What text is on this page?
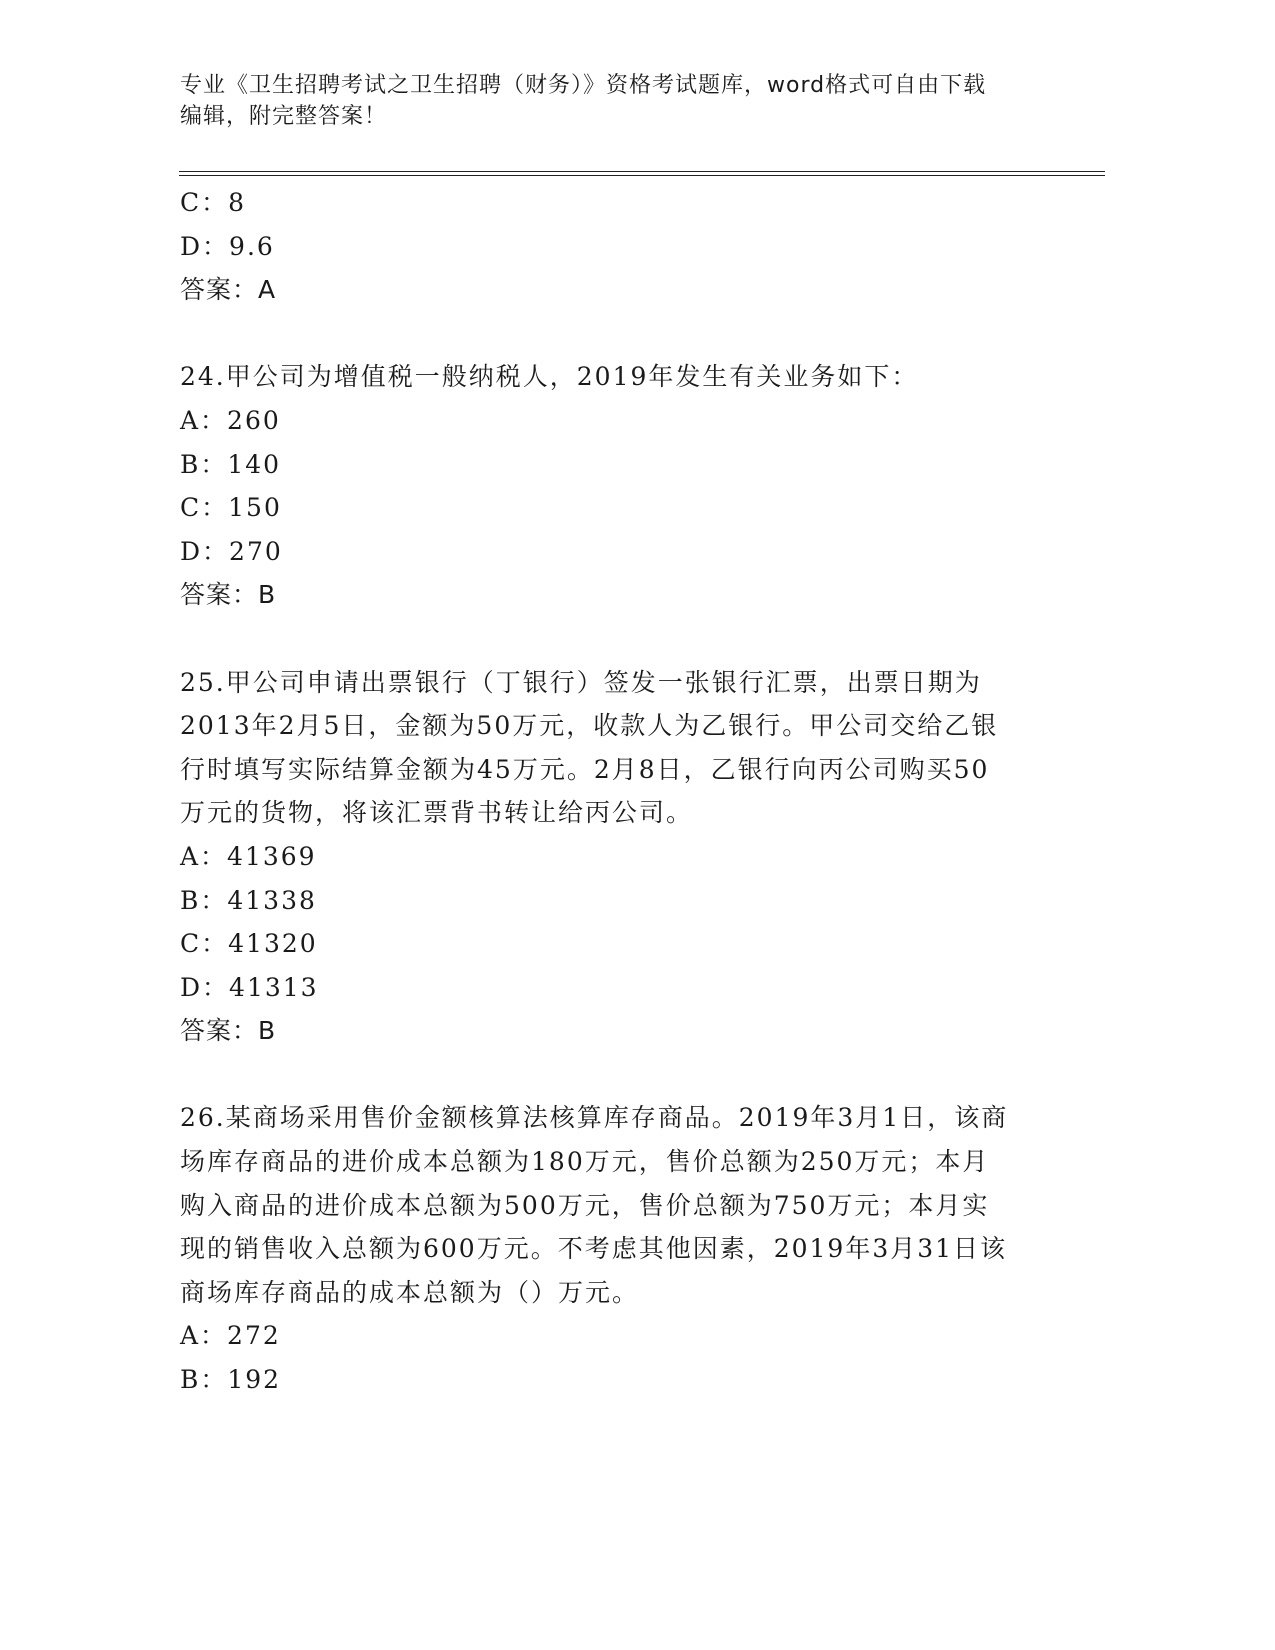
专业《卫生招聘考试之卫生招聘（财务）》资格考试题库，word格式可自由下载
编辑，附完整答案！
C：8
D：9.6
答案：A
24.甲公司为增值税一般纳税人，2019年发生有关业务如下：
A：260
B：140
C：150
D：270
答案：B
25.甲公司申请出票银行（丁银行）签发一张银行汇票，出票日期为
2013年2月5日，金额为50万元，收款人为乙银行。甲公司交给乙银
行时填写实际结算金额为45万元。2月8日，乙银行向丙公司购买50
万元的货物，将该汇票背书转让给丙公司。
A：41369
B：41338
C：41320
D：41313
答案：B
26.某商场采用售价金额核算法核算库存商品。2019年3月1日，该商
场库存商品的进价成本总额为180万元，售价总额为250万元；本月
购入商品的进价成本总额为500万元，售价总额为750万元；本月实
现的销售收入总额为600万元。不考虑其他因素，2019年3月31日该
商场库存商品的成本总额为（）万元。
A：272
B：192
